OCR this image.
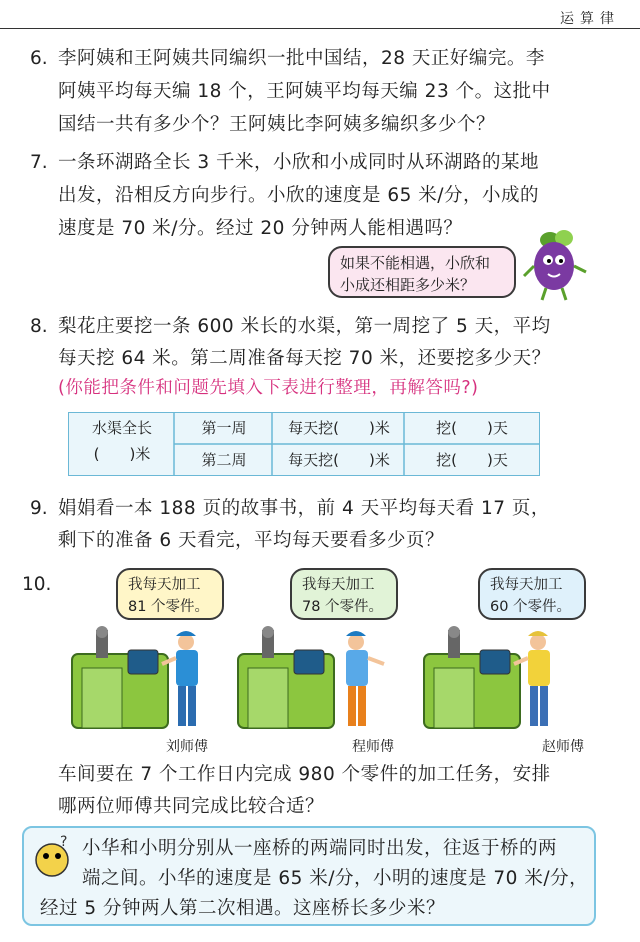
运算律
6. 李阿姨和王阿姨共同编织一批中国结，28 天正好编完。李
阿姨平均每天编 18 个，王阿姨平均每天编 23 个。这批中
国结一共有多少个？王阿姨比李阿姨多编织多少个？
7. 一条环湖路全长 3 千米，小欣和小成同时从环湖路的某地
出发，沿相反方向步行。小欣的速度是 65 米/分，小成的
速度是 70 米/分。经过 20 分钟两人能相遇吗？
如果不能相遇，小欣和
小成还相距多少米？
8. 梨花庄要挖一条 600 米长的水渠，第一周挖了 5 天，平均
每天挖 64 米。第二周准备每天挖 70 米，还要挖多少天？
(你能把条件和问题先填入下表进行整理，再解答吗?)
水渠全长
(　　)米
第一周	每天挖(　　)米	挖(　　)天
第二周	每天挖(　　)米	挖(　　)天
9. 娟娟看一本 188 页的故事书，前 4 天平均每天看 17 页，
剩下的准备 6 天看完，平均每天要看多少页？
10.	我每天加工
81 个零件。
刘师傅
我每天加工
78 个零件。
程师傅
我每天加工
60 个零件。
赵师傅
车间要在 7 个工作日内完成 980 个零件的加工任务，安排
哪两位师傅共同完成比较合适？
? 小华和小明分别从一座桥的两端同时出发，往返于桥的两
端之间。小华的速度是 65 米/分，小明的速度是 70 米/分，
经过 5 分钟两人第二次相遇。这座桥长多少米？
